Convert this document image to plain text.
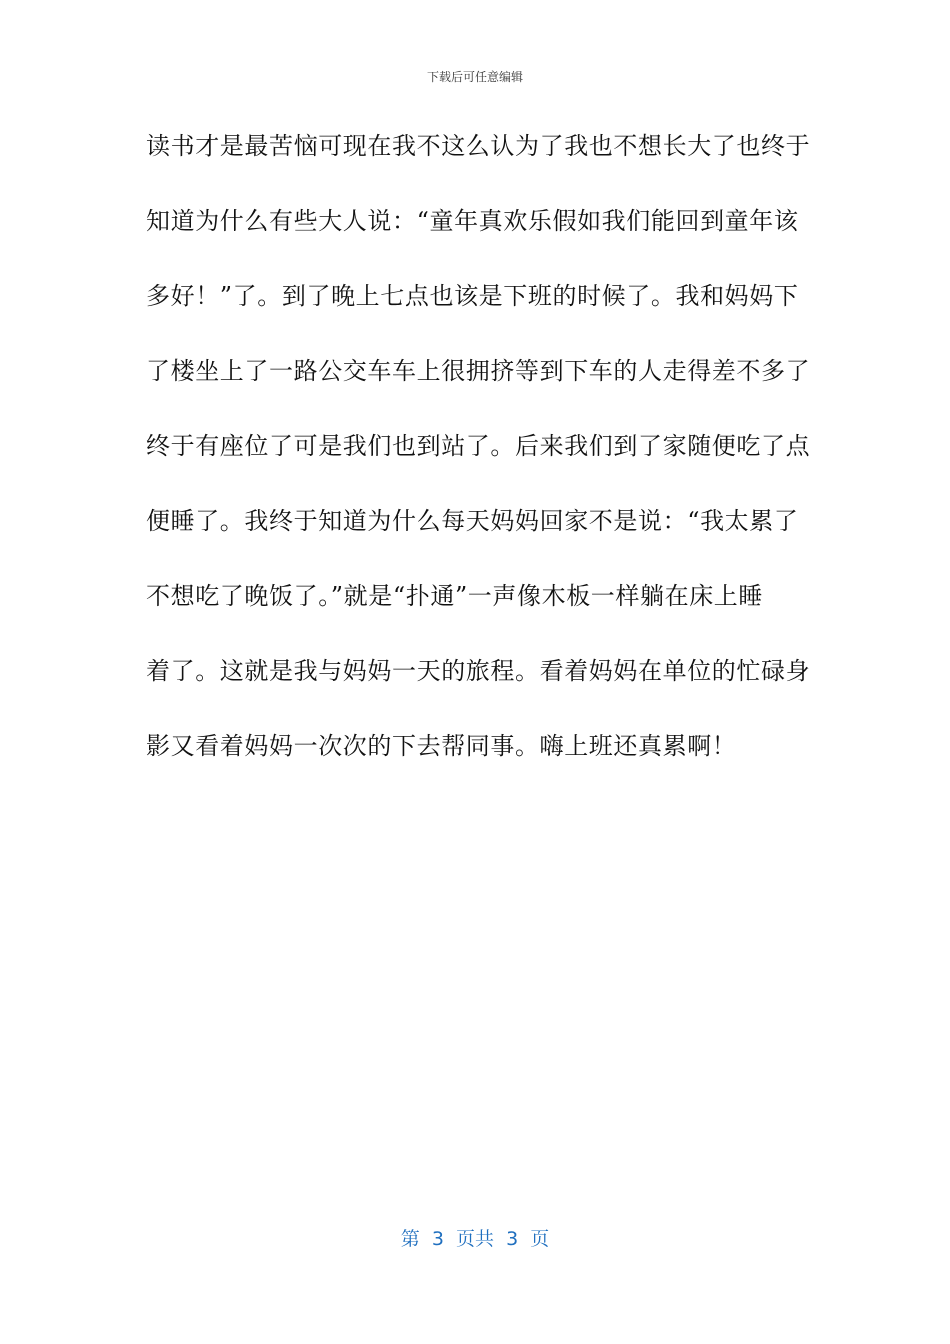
下载后可任意编辑
读书才是最苦恼可现在我不这么认为了我也不想长大了也终于
知道为什么有些大人说：“童年真欢乐假如我们能回到童年该
多好！”了。到了晚上七点也该是下班的时候了。我和妈妈下
了楼坐上了一路公交车车上很拥挤等到下车的人走得差不多了
终于有座位了可是我们也到站了。后来我们到了家随便吃了点
便睡了。我终于知道为什么每天妈妈回家不是说：“我太累了
不想吃了晚饭了。”就是“扑通”一声像木板一样躺在床上睡
着了。这就是我与妈妈一天的旅程。看着妈妈在单位的忙碌身
影又看着妈妈一次次的下去帮同事。嗨上班还真累啊！
第  3  页共  3  页
